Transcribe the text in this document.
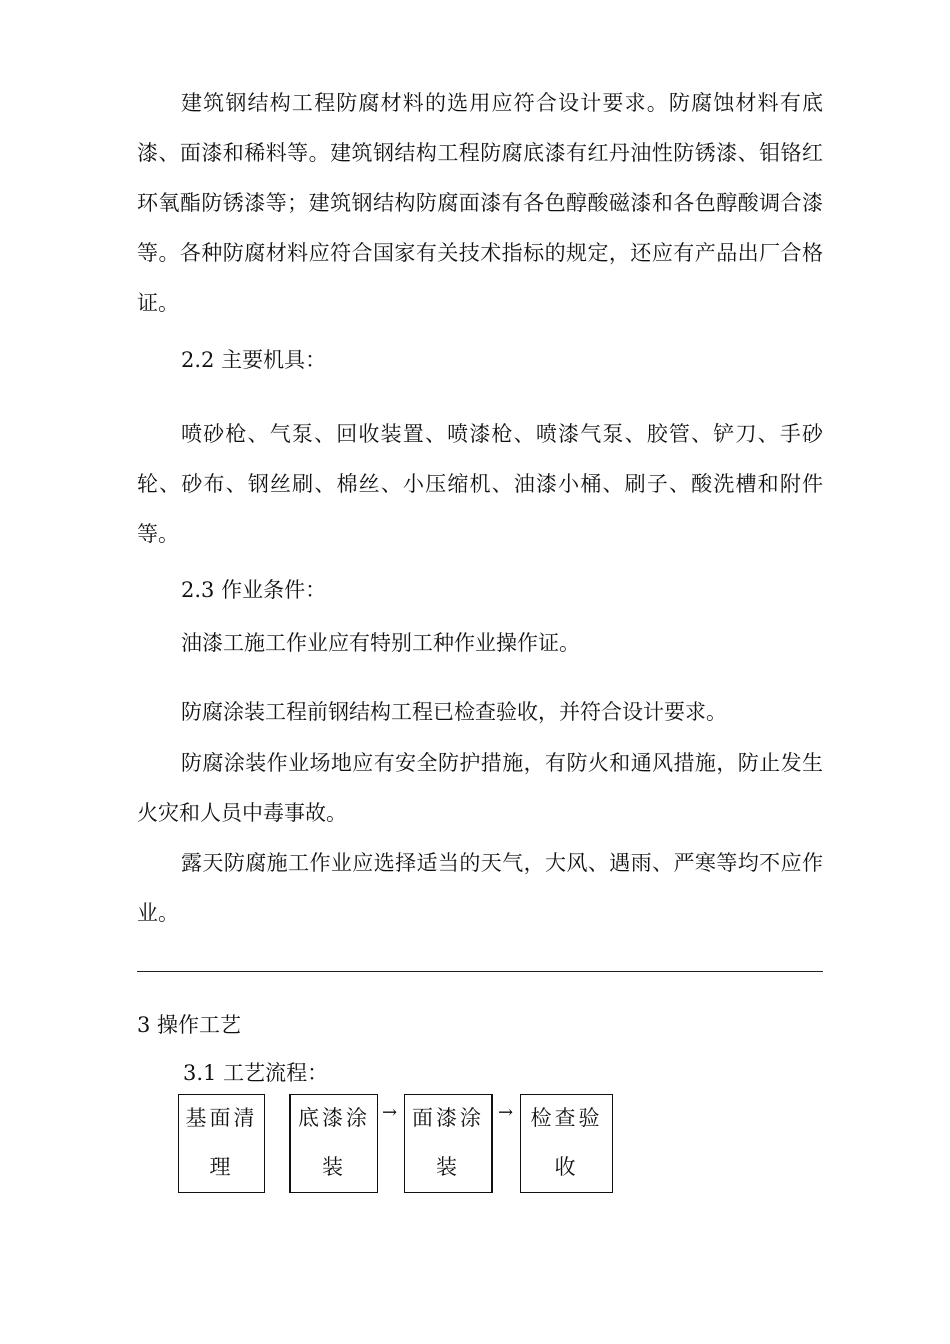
建筑钢结构工程防腐材料的选用应符合设计要求。防腐蚀材料有底
漆、面漆和稀料等。建筑钢结构工程防腐底漆有红丹油性防锈漆、钼铬红
环氧酯防锈漆等；建筑钢结构防腐面漆有各色醇酸磁漆和各色醇酸调合漆
等。各种防腐材料应符合国家有关技术指标的规定，还应有产品出厂合格
证。
2.2 主要机具：
喷砂枪、气泵、回收装置、喷漆枪、喷漆气泵、胶管、铲刀、手砂
轮、砂布、钢丝刷、棉丝、小压缩机、油漆小桶、刷子、酸洗槽和附件
等。
2.3 作业条件：
油漆工施工作业应有特别工种作业操作证。
防腐涂装工程前钢结构工程已检查验收，并符合设计要求。
防腐涂装作业场地应有安全防护措施，有防火和通风措施，防止发生
火灾和人员中毒事故。
露天防腐施工作业应选择适当的天气，大风、遇雨、严寒等均不应作
业。
3 操作工艺
3.1 工艺流程：
基面清
理
底漆涂
装
→ 面漆涂
装
→ 检查验
收
